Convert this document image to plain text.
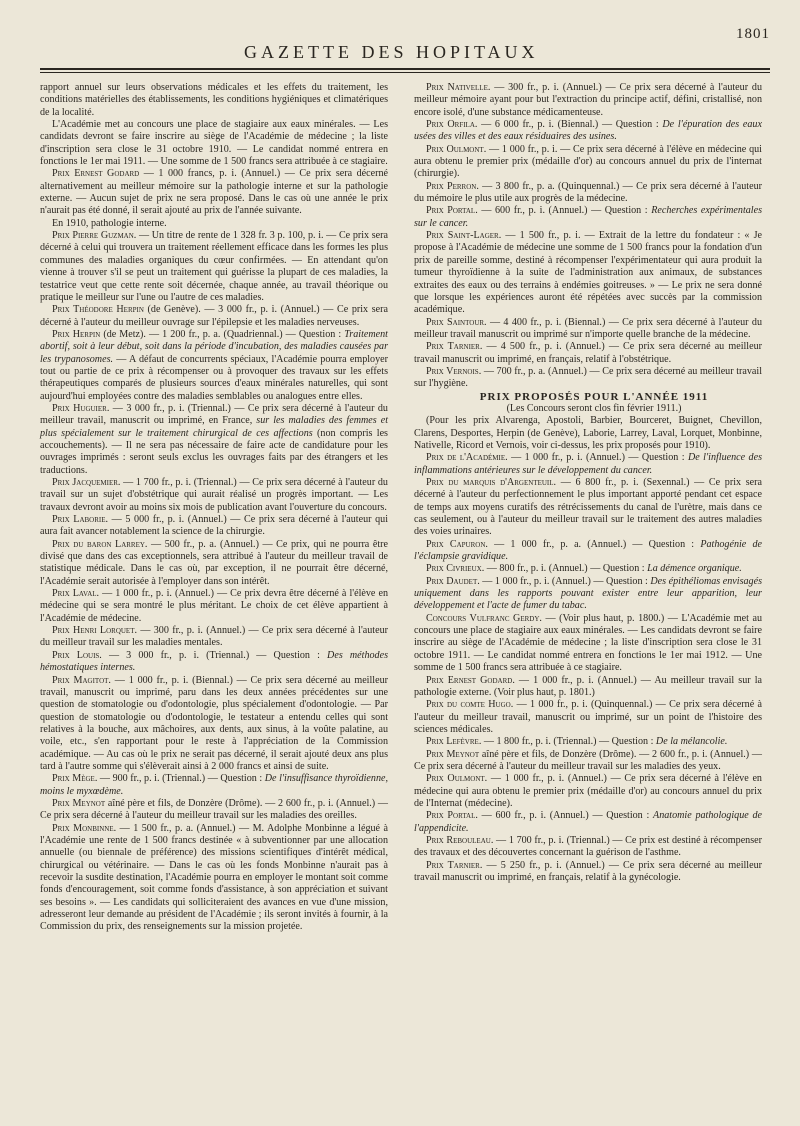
GAZETTE DES HOPITAUX
1801

rapport annuel sur leurs observations médicales et les effets du traitement, les conditions matérielles des établissements, les conditions hygiéniques et climatériques de la localité.

L'Académie met au concours une place de stagiaire aux eaux minérales. — Les candidats devront se faire inscrire au siège de l'Académie de médecine ; la liste d'inscription sera close le 31 octobre 1910. — Le candidat nommé entrera en fonctions le 1er mai 1911. — Une somme de 1 500 francs sera attribuée à ce stagiaire.

Prix Ernest Godard — 1 000 francs, p. i. (Annuel.) — Ce prix sera décerné alternativement au meilleur mémoire sur la pathologie interne et sur la pathologie externe. — Aucun sujet de prix ne sera proposé. Dans le cas où une année le prix n'aurait pas été donné, il serait ajouté au prix de l'année suivante.

En 1910, pathologie interne.

Prix Pierre Guzman. — Un titre de rente de 1 328 fr. 3 p. 100, p. i. — Ce prix sera décerné à celui qui trouvera un traitement réellement efficace dans les formes les plus communes des maladies organiques du cœur confirmées. — En attendant qu'on vienne à trouver s'il se peut un traitement qui guérisse la plupart de ces maladies, la testatrice veut que cette rente soit décernée, chaque année, au travail théorique ou pratique le meilleur sur l'une ou l'autre de ces maladies.

Prix Théodore Herpin (de Genève). — 3 000 fr., p. i. (Annuel.) — Ce prix sera décerné à l'auteur du meilleur ouvrage sur l'épilepsie et les maladies nerveuses.

Prix Herpin (de Metz). — 1 200 fr., p. a. (Quadriennal.) — Question : Traitement abortif, soit à leur début, soit dans la période d'incubation, des maladies causées par les trypanosomes. — A défaut de concurrents spéciaux, l'Académie pourra employer tout ou partie de ce prix à récompenser ou à provoquer des travaux sur les effets thérapeutiques comparés de plusieurs sources d'eaux minérales naturelles, qui sont aujourd'hui employées contre des maladies semblables ou analogues entre elles.

Prix Huguier. — 3 000 fr., p. i. (Triennal.) — Ce prix sera décerné à l'auteur du meilleur travail, manuscrit ou imprimé, en France, sur les maladies des femmes et plus spécialement sur le traitement chirurgical de ces affections (non compris les accouchements). — Il ne sera pas nécessaire de faire acte de candidature pour les ouvrages imprimés : seront seuls exclus les ouvrages faits par des étrangers et les traductions.

Prix Jacquemier. — 1 700 fr., p. i. (Triennal.) — Ce prix sera décerné à l'auteur du travail sur un sujet d'obstétrique qui aurait réalisé un progrès important. — Les travaux devront avoir au moins six mois de publication avant l'ouverture du concours.

Prix Laborie. — 5 000 fr., p. i. (Annuel.) — Ce prix sera décerné à l'auteur qui aura fait avancer notablement la science de la chirurgie.

Prix du baron Larrey. — 500 fr., p. a. (Annuel.) — Ce prix, qui ne pourra être divisé que dans des cas exceptionnels, sera attribué à l'auteur du meilleur travail de statistique médicale. Dans le cas où, par exception, il ne pourrait être décerné, l'Académie serait autorisée à l'employer dans son intérêt.

Prix Laval. — 1 000 fr., p. i. (Annuel.) — Ce prix devra être décerné à l'élève en médecine qui se sera montré le plus méritant. Le choix de cet élève appartient à l'Académie de médecine.

Prix Henri Lorquet. — 300 fr., p. i. (Annuel.) — Ce prix sera décerné à l'auteur du meilleur travail sur les maladies mentales.

Prix Louis. — 3 000 fr., p. i. (Triennal.) — Question : Des méthodes hémostatiques internes.

Prix Magitot. — 1 000 fr., p. i. (Biennal.) — Ce prix sera décerné au meilleur travail, manuscrit ou imprimé, paru dans les deux années précédentes sur une question de stomatologie ou d'odontologie, plus spécialement d'odontologie. — Par question de stomatologie ou d'odontologie, le testateur a entendu celles qui sont relatives à la bouche, aux mâchoires, aux dents, aux sinus, à la voûte palatine, au voile, etc., s'en rapportant pour le reste à l'appréciation de la Commission académique. — Au cas où le prix ne serait pas décerné, il serait ajouté deux ans plus tard à l'autre somme qui s'élèverait ainsi à 2 000 francs et ainsi de suite.

Prix Mège. — 900 fr., p. i. (Triennal.) — Question : De l'insuffisance thyroïdienne, moins le myxœdème.

Prix Meynot aîné père et fils, de Donzère (Drôme). — 2 600 fr., p. i. (Annuel.) — Ce prix sera décerné à l'auteur du meilleur travail sur les maladies des oreilles.

Prix Monbinne. — 1 500 fr., p. a. (Annuel.) — M. Adolphe Monbinne a légué à l'Académie une rente de 1 500 francs destinée « à subventionner par une allocation annuelle (ou biennale de préférence) des missions scientifiques d'intérêt médical, chirurgical ou vétérinaire. — Dans le cas où les fonds Monbinne n'aurait pas à recevoir la susdite destination, l'Académie pourra en employer le montant soit comme fonds d'encouragement, soit comme fonds d'assistance, à son appréciation et suivant ses besoins ». — Les candidats qui solliciteraient des avances en vue d'une mission, adresseront leur demande au président de l'Académie ; ils seront invités à fournir, à la Commission du prix, des renseignements sur la mission projetée.

Prix Nativelle. — 300 fr., p. i. (Annuel.) — Ce prix sera décerné à l'auteur du meilleur mémoire ayant pour but l'extraction du principe actif, défini, cristallisé, non encore isolé, d'une substance médicamenteuse.

Prix Orfila. — 6 000 fr., p. i. (Biennal.) — Question : De l'épuration des eaux usées des villes et des eaux résiduaires des usines.

Prix Oulmont. — 1 000 fr., p. i. — Ce prix sera décerné à l'élève en médecine qui aura obtenu le premier prix (médaille d'or) au concours annuel du prix de l'internat (chirurgie).

Prix Perron. — 3 800 fr., p. a. (Quinquennal.) — Ce prix sera décerné à l'auteur du mémoire le plus utile aux progrès de la médecine.

Prix Portal. — 600 fr., p. i. (Annuel.) — Question : Recherches expérimentales sur le cancer.

Prix Saint-Lager. — 1 500 fr., p. i. — Extrait de la lettre du fondateur : « Je propose à l'Académie de médecine une somme de 1 500 francs pour la fondation d'un prix de pareille somme, destiné à récompenser l'expérimentateur qui aura produit la tumeur thyroïdienne à la suite de l'administration aux animaux, de substances extraites des eaux ou des terrains à endémies goitreuses. » — Le prix ne sera donné que lorsque les expériences auront été répétées avec succès par la commission académique.

Prix Saintour. — 4 400 fr., p. i. (Biennal.) — Ce prix sera décerné à l'auteur du meilleur travail manuscrit ou imprimé sur n'importe quelle branche de la médecine.

Prix Tarnier. — 4 500 fr., p. i. (Annuel.) — Ce prix sera décerné au meilleur travail manuscrit ou imprimé, en français, relatif à l'obstétrique.

Prix Vernois. — 700 fr., p. a. (Annuel.) — Ce prix sera décerné au meilleur travail sur l'hygiène.

PRIX PROPOSÉS POUR L'ANNÉE 1911

(Les Concours seront clos fin février 1911.)

(Pour les prix Alvarenga, Apostoli, Barbier, Bourceret, Buignet, Chevillon, Clarens, Desportes, Herpin (de Genève), Laborie, Larrey, Laval, Lorquet, Monbinne, Nativelle, Ricord et Vernois, voir ci-dessus, les prix proposés pour 1910).

Prix de l'Académie. — 1 000 fr., p. i. (Annuel.) — Question : De l'influence des inflammations antérieures sur le développement du cancer.

Prix du marquis d'Argenteuil. — 6 800 fr., p. i. (Sexennal.) — Ce prix sera décerné à l'auteur du perfectionnement le plus important apporté pendant cet espace de temps aux moyens curatifs des rétrécissements du canal de l'urètre, mais dans ce cas seulement, ou à l'auteur du meilleur travail sur le traitement des autres maladies des voies urinaires.

Prix Capuron. — 1 000 fr., p. a. (Annuel.) — Question : Pathogénie de l'éclampsie gravidique.

Prix Civrieux. — 800 fr., p. i. (Annuel.) — Question : La démence organique.

Prix Daudet. — 1 000 fr., p. i. (Annuel.) — Question : Des épithéliomas envisagés uniquement dans les rapports pouvant exister entre leur apparition, leur développement et l'acte de fumer du tabac.

Concours Vulfranc Gerdy. — (Voir plus haut, p. 1800.) — L'Académie met au concours une place de stagiaire aux eaux minérales. — Les candidats devront se faire inscrire au siège de l'Académie de médecine ; la liste d'inscription sera close le 31 octobre 1911. — Le candidat nommé entrera en fonctions le 1er mai 1912. — Une somme de 1 500 francs sera attribuée à ce stagiaire.

Prix Ernest Godard. — 1 000 fr., p. i. (Annuel.) — Au meilleur travail sur la pathologie externe. (Voir plus haut, p. 1801.)

Prix du comte Hugo. — 1 000 fr., p. i. (Quinquennal.) — Ce prix sera décerné à l'auteur du meilleur travail, manuscrit ou imprimé, sur un point de l'histoire des sciences médicales.

Prix Lefèvre. — 1 800 fr., p. i. (Triennal.) — Question : De la mélancolie.

Prix Meynot aîné père et fils, de Donzère (Drôme). — 2 600 fr., p. i. (Annuel.) — Ce prix sera décerné à l'auteur du meilleur travail sur les maladies des yeux.

Prix Oulmont. — 1 000 fr., p. i. (Annuel.) — Ce prix sera décerné à l'élève en médecine qui aura obtenu le premier prix (médaille d'or) au concours annuel du prix de l'Internat (médecine).

Prix Portal. — 600 fr., p. i. (Annuel.) — Question : Anatomie pathologique de l'appendicite.

Prix Reboulеau. — 1 700 fr., p. i. (Triennal.) — Ce prix est destiné à récompenser des travaux et des découvertes concernant la guérison de l'asthme.

Prix Tarnier. — 5 250 fr., p. i. (Annuel.) — Ce prix sera décerné au meilleur travail manuscrit ou imprimé, en français, relatif à la gynécologie.
